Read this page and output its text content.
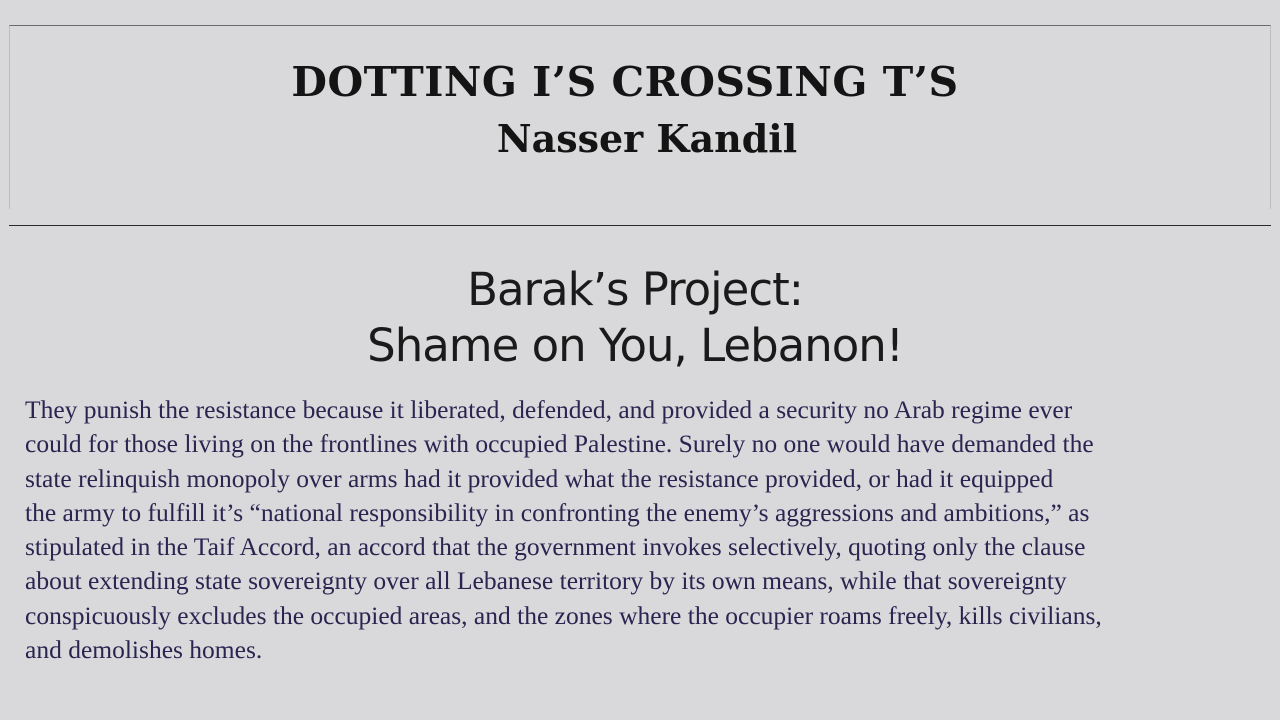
DOTTING I’S CROSSING T’S
Nasser Kandil
Barak’s Project:
Shame on You, Lebanon!

They punish the resistance because it liberated, defended, and provided a security no Arab regime ever
could for those living on the frontlines with occupied Palestine. Surely no one would have demanded the
state relinquish monopoly over arms had it provided what the resistance provided, or had it equipped
the army to fulfill it’s “national responsibility in confronting the enemy’s aggressions and ambitions,” as
stipulated in the Taif Accord, an accord that the government invokes selectively, quoting only the clause
about extending state sovereignty over all Lebanese territory by its own means, while that sovereignty
conspicuously excludes the occupied areas, and the zones where the occupier roams freely, kills civilians,
and demolishes homes.
